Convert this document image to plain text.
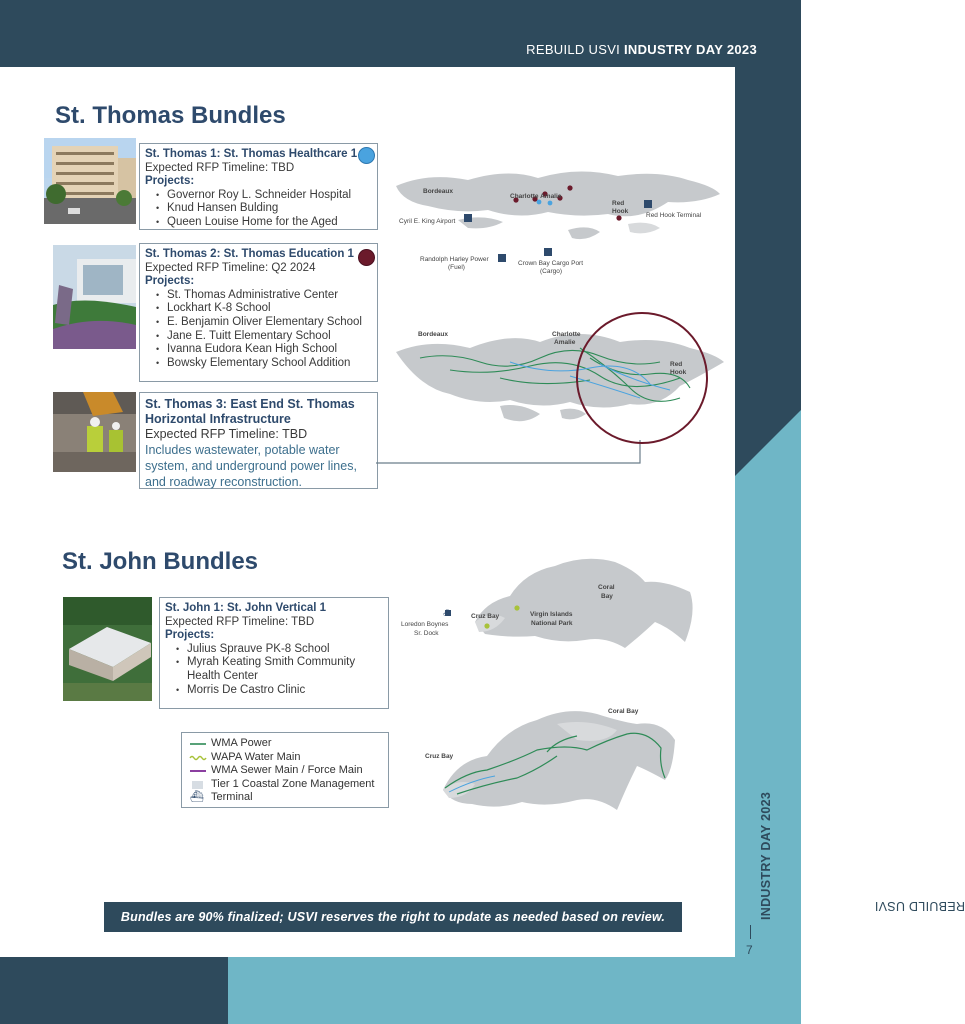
REBUILD USVI INDUSTRY DAY 2023
REBUILD USVI
INDUSTRY DAY 2023
7
St. Thomas Bundles
St. Thomas 1: St. Thomas Healthcare 1
Expected RFP Timeline: TBD
Projects:
• Governor Roy L. Schneider Hospital
• Knud Hansen Bulding
• Queen Louise Home for the Aged
St. Thomas 2: St. Thomas Education 1
Expected RFP Timeline: Q2 2024
Projects:
• St. Thomas Administrative Center
• Lockhart K-8 School
• E. Benjamin Oliver Elementary School
• Jane E. Tuitt Elementary School
• Ivanna Eudora Kean High School
• Bowsky Elementary School Addition
St. Thomas 3: East End St. Thomas
Horizontal Infrastructure
Expected RFP Timeline: TBD
Includes wastewater, potable water system, and underground power lines, and roadway reconstruction.
Bordeaux
Charlotte Amalie
Red
Hook
Red Hook Terminal
Cyril E. King Airport
Randolph Harley Power
(Fuel)
Crown Bay Cargo Port
(Cargo)
Bordeaux	Charlotte
Amalie
Red
Hook
St. John Bundles
St. John 1: St. John Vertical 1
Expected RFP Timeline: TBD
Projects:
• Julius Sprauve PK-8 School
• Myrah Keating Smith Community Health Center
• Morris De Castro Clinic
Coral
Bay
Cruz Bay	Virgin Islands
National Park
Loredon Boynes
Sr. Dock
⛴
Coral Bay
Cruz Bay
WMA Power
WAPA Water Main
WMA Sewer Main / Force Main
Tier 1 Coastal Zone Management
⛴ Terminal
Bundles are 90% finalized; USVI reserves the right to update as needed based on review.
